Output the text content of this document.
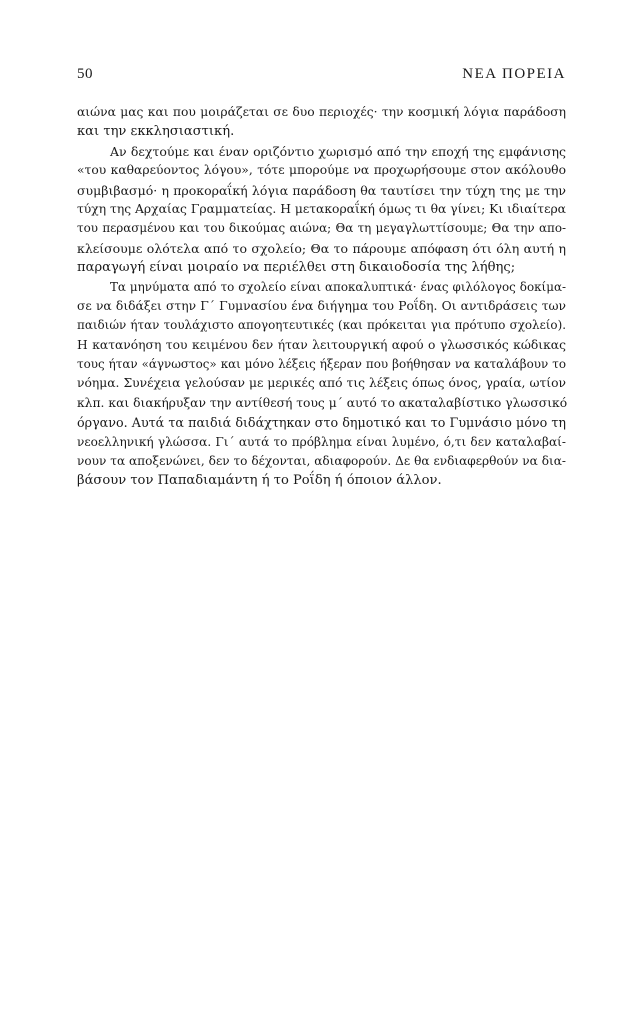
50	ΝΕΑ ΠΟΡΕΙΑ
αιώνα μας και που μοιράζεται σε δυο περιοχές· την κοσμική λόγια παράδοση
και την εκκλησιαστική.
Αν δεχτούμε και έναν οριζόντιο χωρισμό από την εποχή της εμφάνισης
«του καθαρεύοντος λόγου», τότε μπορούμε να προχωρήσουμε στον ακόλουθο
συμβιβασμό· η προκοραΐκή λόγια παράδοση θα ταυτίσει την τύχη της με την
τύχη της Αρχαίας Γραμματείας. Η μετακοραΐκή όμως τι θα γίνει; Κι ιδιαίτερα
του περασμένου και του δικούμας αιώνα; Θα τη μεγαγλωττίσουμε; Θα την απο-
κλείσουμε ολότελα από το σχολείο; Θα το πάρουμε απόφαση ότι όλη αυτή η
παραγωγή είναι μοιραίο να περιέλθει στη δικαιοδοσία της λήθης;
Τα μηνύματα από το σχολείο είναι αποκαλυπτικά· ένας φιλόλογος δοκίμα-
σε να διδάξει στην Γ΄ Γυμνασίου ένα διήγημα του Ροΐδη. Οι αντιδράσεις των
παιδιών ήταν τουλάχιστο απογοητευτικές (και πρόκειται για πρότυπο σχολείο).
Η κατανόηση του κειμένου δεν ήταν λειτουργική αφού ο γλωσσικός κώδικας
τους ήταν «άγνωστος» και μόνο λέξεις ήξεραν που βοήθησαν να καταλάβουν το
νόημα. Συνέχεια γελούσαν με μερικές από τις λέξεις όπως όνος, γραία, ωτίον
κλπ. και διακήρυξαν την αντίθεσή τους μ΄ αυτό το ακαταλαβίστικο γλωσσικό
όργανο. Αυτά τα παιδιά διδάχτηκαν στο δημοτικό και το Γυμνάσιο μόνο τη
νεοελληνική γλώσσα. Γι΄ αυτά το πρόβλημα είναι λυμένο, ό,τι δεν καταλαβαί-
νουν τα αποξενώνει, δεν το δέχονται, αδιαφορούν. Δε θα ενδιαφερθούν να δια-
βάσουν τον Παπαδιαμάντη ή το Ροΐδη ή όποιον άλλον.
